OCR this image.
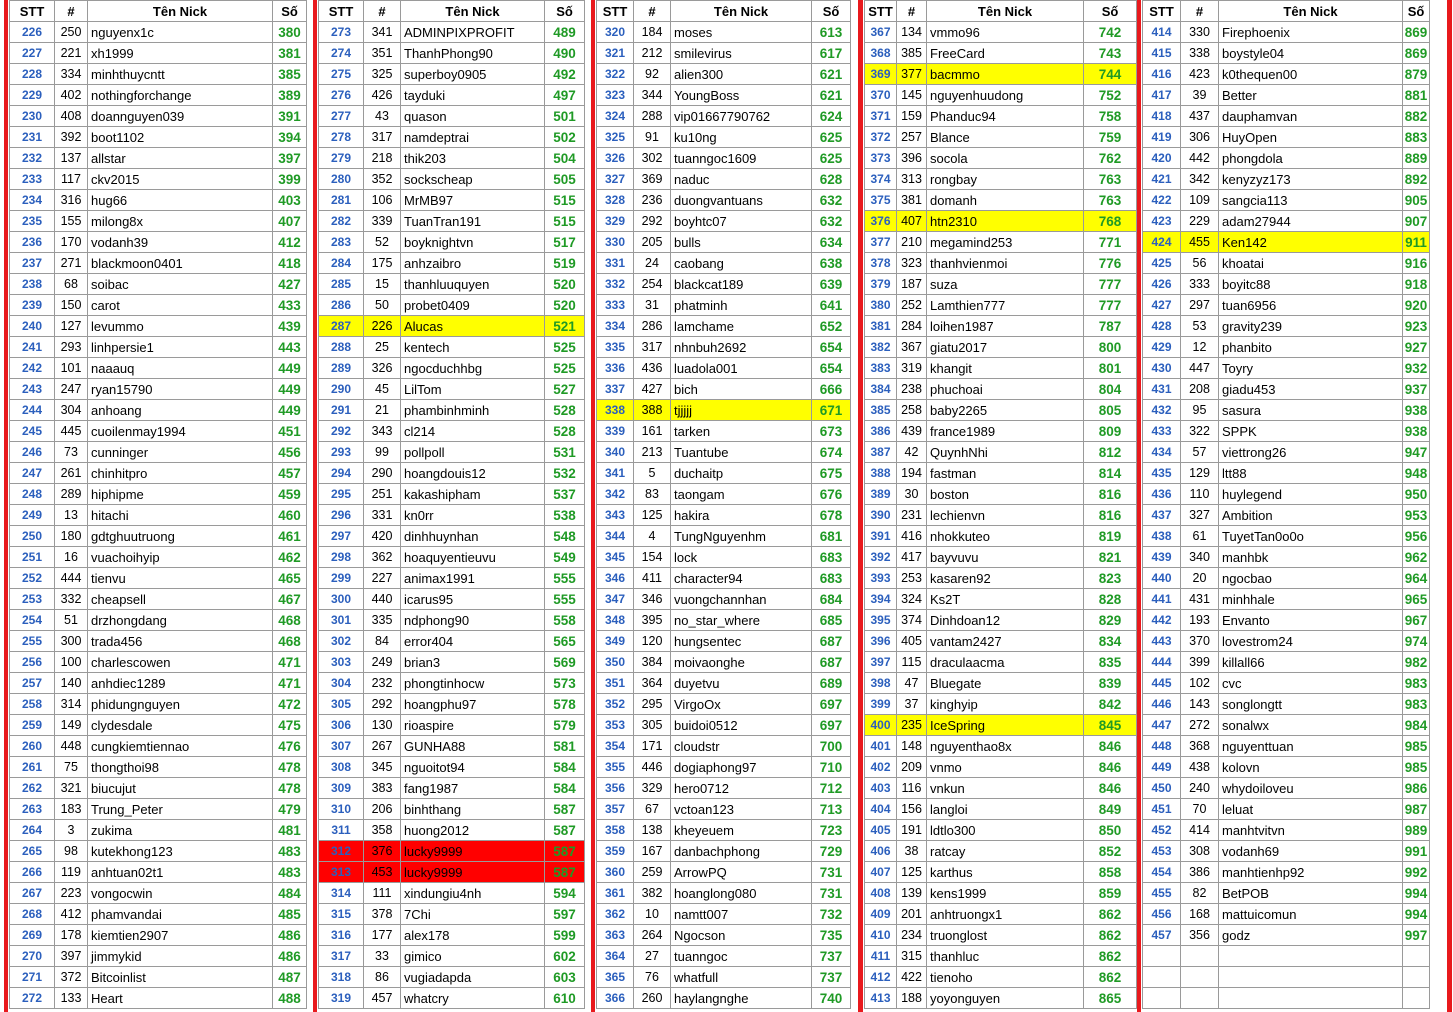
STT	#	Tên Nick	Số
226	250	nguyenx1c	380
227	221	xh1999	381
228	334	minhthuycntt	385
229	402	nothingforchange	389
230	408	doannguyen039	391
231	392	boot1102	394
232	137	allstar	397
233	117	ckv2015	399
234	316	hug66	403
235	155	milong8x	407
236	170	vodanh39	412
237	271	blackmoon0401	418
238	68	soibac	427
239	150	carot	433
240	127	levummo	439
241	293	linhpersie1	443
242	101	naaauq	449
243	247	ryan15790	449
244	304	anhoang	449
245	445	cuoilenmay1994	451
246	73	cunninger	456
247	261	chinhitpro	457
248	289	hiphipme	459
249	13	hitachi	460
250	180	gdtghuutruong	461
251	16	vuachoihyip	462
252	444	tienvu	465
253	332	cheapsell	467
254	51	drzhongdang	468
255	300	trada456	468
256	100	charlescowen	471
257	140	anhdiec1289	471
258	314	phidungnguyen	472
259	149	clydesdale	475
260	448	cungkiemtiennao	476
261	75	thongthoi98	478
262	321	biucujut	478
263	183	Trung_Peter	479
264	3	zukima	481
265	98	kutekhong123	483
266	119	anhtuan02t1	483
267	223	vongocwin	484
268	412	phamvandai	485
269	178	kiemtien2907	486
270	397	jimmykid	486
271	372	Bitcoinlist	487
272	133	Heart	488
STT	#	Tên Nick	Số
273	341	ADMINPIXPROFIT	489
274	351	ThanhPhong90	490
275	325	superboy0905	492
276	426	tayduki	497
277	43	quason	501
278	317	namdeptrai	502
279	218	thik203	504
280	352	sockscheap	505
281	106	MrMB97	515
282	339	TuanTran191	515
283	52	boyknightvn	517
284	175	anhzaibro	519
285	15	thanhluuquyen	520
286	50	probet0409	520
287	226	Alucas	521
288	25	kentech	525
289	326	ngocduchhbg	525
290	45	LilTom	527
291	21	phambinhminh	528
292	343	cl214	528
293	99	pollpoll	531
294	290	hoangdouis12	532
295	251	kakashipham	537
296	331	kn0rr	538
297	420	dinhhuynhan	548
298	362	hoaquyentieuvu	549
299	227	animax1991	555
300	440	icarus95	555
301	335	ndphong90	558
302	84	error404	565
303	249	brian3	569
304	232	phongtinhocw	573
305	292	hoangphu97	578
306	130	rioaspire	579
307	267	GUNHA88	581
308	345	nguoitot94	584
309	383	fang1987	584
310	206	binhthang	587
311	358	huong2012	587
312	376	lucky9999	587
313	453	lucky9999	587
314	111	xindungiu4nh	594
315	378	7Chi	597
316	177	alex178	599
317	33	gimico	602
318	86	vugiadapda	603
319	457	whatcry	610
STT	#	Tên Nick	Số
320	184	moses	613
321	212	smilevirus	617
322	92	alien300	621
323	344	YoungBoss	621
324	288	vip01667790762	624
325	91	ku10ng	625
326	302	tuanngoc1609	625
327	369	naduc	628
328	236	duongvantuans	632
329	292	boyhtc07	632
330	205	bulls	634
331	24	caobang	638
332	254	blackcat189	639
333	31	phatminh	641
334	286	lamchame	652
335	317	nhnbuh2692	654
336	436	luadola001	654
337	427	bich	666
338	388	tjjjjj	671
339	161	tarken	673
340	213	Tuantube	674
341	5	duchaitp	675
342	83	taongam	676
343	125	hakira	678
344	4	TungNguyenhm	681
345	154	lock	683
346	411	character94	683
347	346	vuongchannhan	684
348	395	no_star_where	685
349	120	hungsentec	687
350	384	moivaonghe	687
351	364	duyetvu	689
352	295	VirgoOx	697
353	305	buidoi0512	697
354	171	cloudstr	700
355	446	dogiaphong97	710
356	329	hero0712	712
357	67	vctoan123	713
358	138	kheyeuem	723
359	167	danbachphong	729
360	259	ArrowPQ	731
361	382	hoanglong080	731
362	10	namtt007	732
363	264	Ngocson	735
364	27	tuanngoc	737
365	76	whatfull	737
366	260	haylangnghe	740
STT	#	Tên Nick	Số
367	134	vmmo96	742
368	385	FreeCard	743
369	377	bacmmo	744
370	145	nguyenhuudong	752
371	159	Phanduc94	758
372	257	Blance	759
373	396	socola	762
374	313	rongbay	763
375	381	domanh	763
376	407	htn2310	768
377	210	megamind253	771
378	323	thanhvienmoi	776
379	187	suza	777
380	252	Lamthien777	777
381	284	loihen1987	787
382	367	giatu2017	800
383	319	khangit	801
384	238	phuchoai	804
385	258	baby2265	805
386	439	france1989	809
387	42	QuynhNhi	812
388	194	fastman	814
389	30	boston	816
390	231	lechienvn	816
391	416	nhokkuteo	819
392	417	bayvuvu	821
393	253	kasaren92	823
394	324	Ks2T	828
395	374	Dinhdoan12	829
396	405	vantam2427	834
397	115	draculaacma	835
398	47	Bluegate	839
399	37	kinghyip	842
400	235	IceSpring	845
401	148	nguyenthao8x	846
402	209	vnmo	846
403	116	vnkun	846
404	156	langloi	849
405	191	ldtlo300	850
406	38	ratcay	852
407	125	karthus	858
408	139	kens1999	859
409	201	anhtruongx1	862
410	234	truonglost	862
411	315	thanhluc	862
412	422	tienoho	862
413	188	yoyonguyen	865
STT	#	Tên Nick	Số
414	330	Firephoenix	869
415	338	boystyle04	869
416	423	k0thequen00	879
417	39	Better	881
418	437	dauphamvan	882
419	306	HuyOpen	883
420	442	phongdola	889
421	342	kenyzyz173	892
422	109	sangcia113	905
423	229	adam27944	907
424	455	Ken142	911
425	56	khoatai	916
426	333	boyitc88	918
427	297	tuan6956	920
428	53	gravity239	923
429	12	phanbito	927
430	447	Toyry	932
431	208	giadu453	937
432	95	sasura	938
433	322	SPPK	938
434	57	viettrong26	947
435	129	ltt88	948
436	110	huylegend	950
437	327	Ambition	953
438	61	TuyetTan0o0o	956
439	340	manhbk	962
440	20	ngocbao	964
441	431	minhhale	965
442	193	Envanto	967
443	370	lovestrom24	974
444	399	killall66	982
445	102	cvc	983
446	143	songlongtt	983
447	272	sonalwx	984
448	368	nguyenttuan	985
449	438	kolovn	985
450	240	whydoiloveu	986
451	70	leluat	987
452	414	manhtvitvn	989
453	308	vodanh69	991
454	386	manhtienhp92	992
455	82	BetPOB	994
456	168	mattuicomun	994
457	356	godz	997
